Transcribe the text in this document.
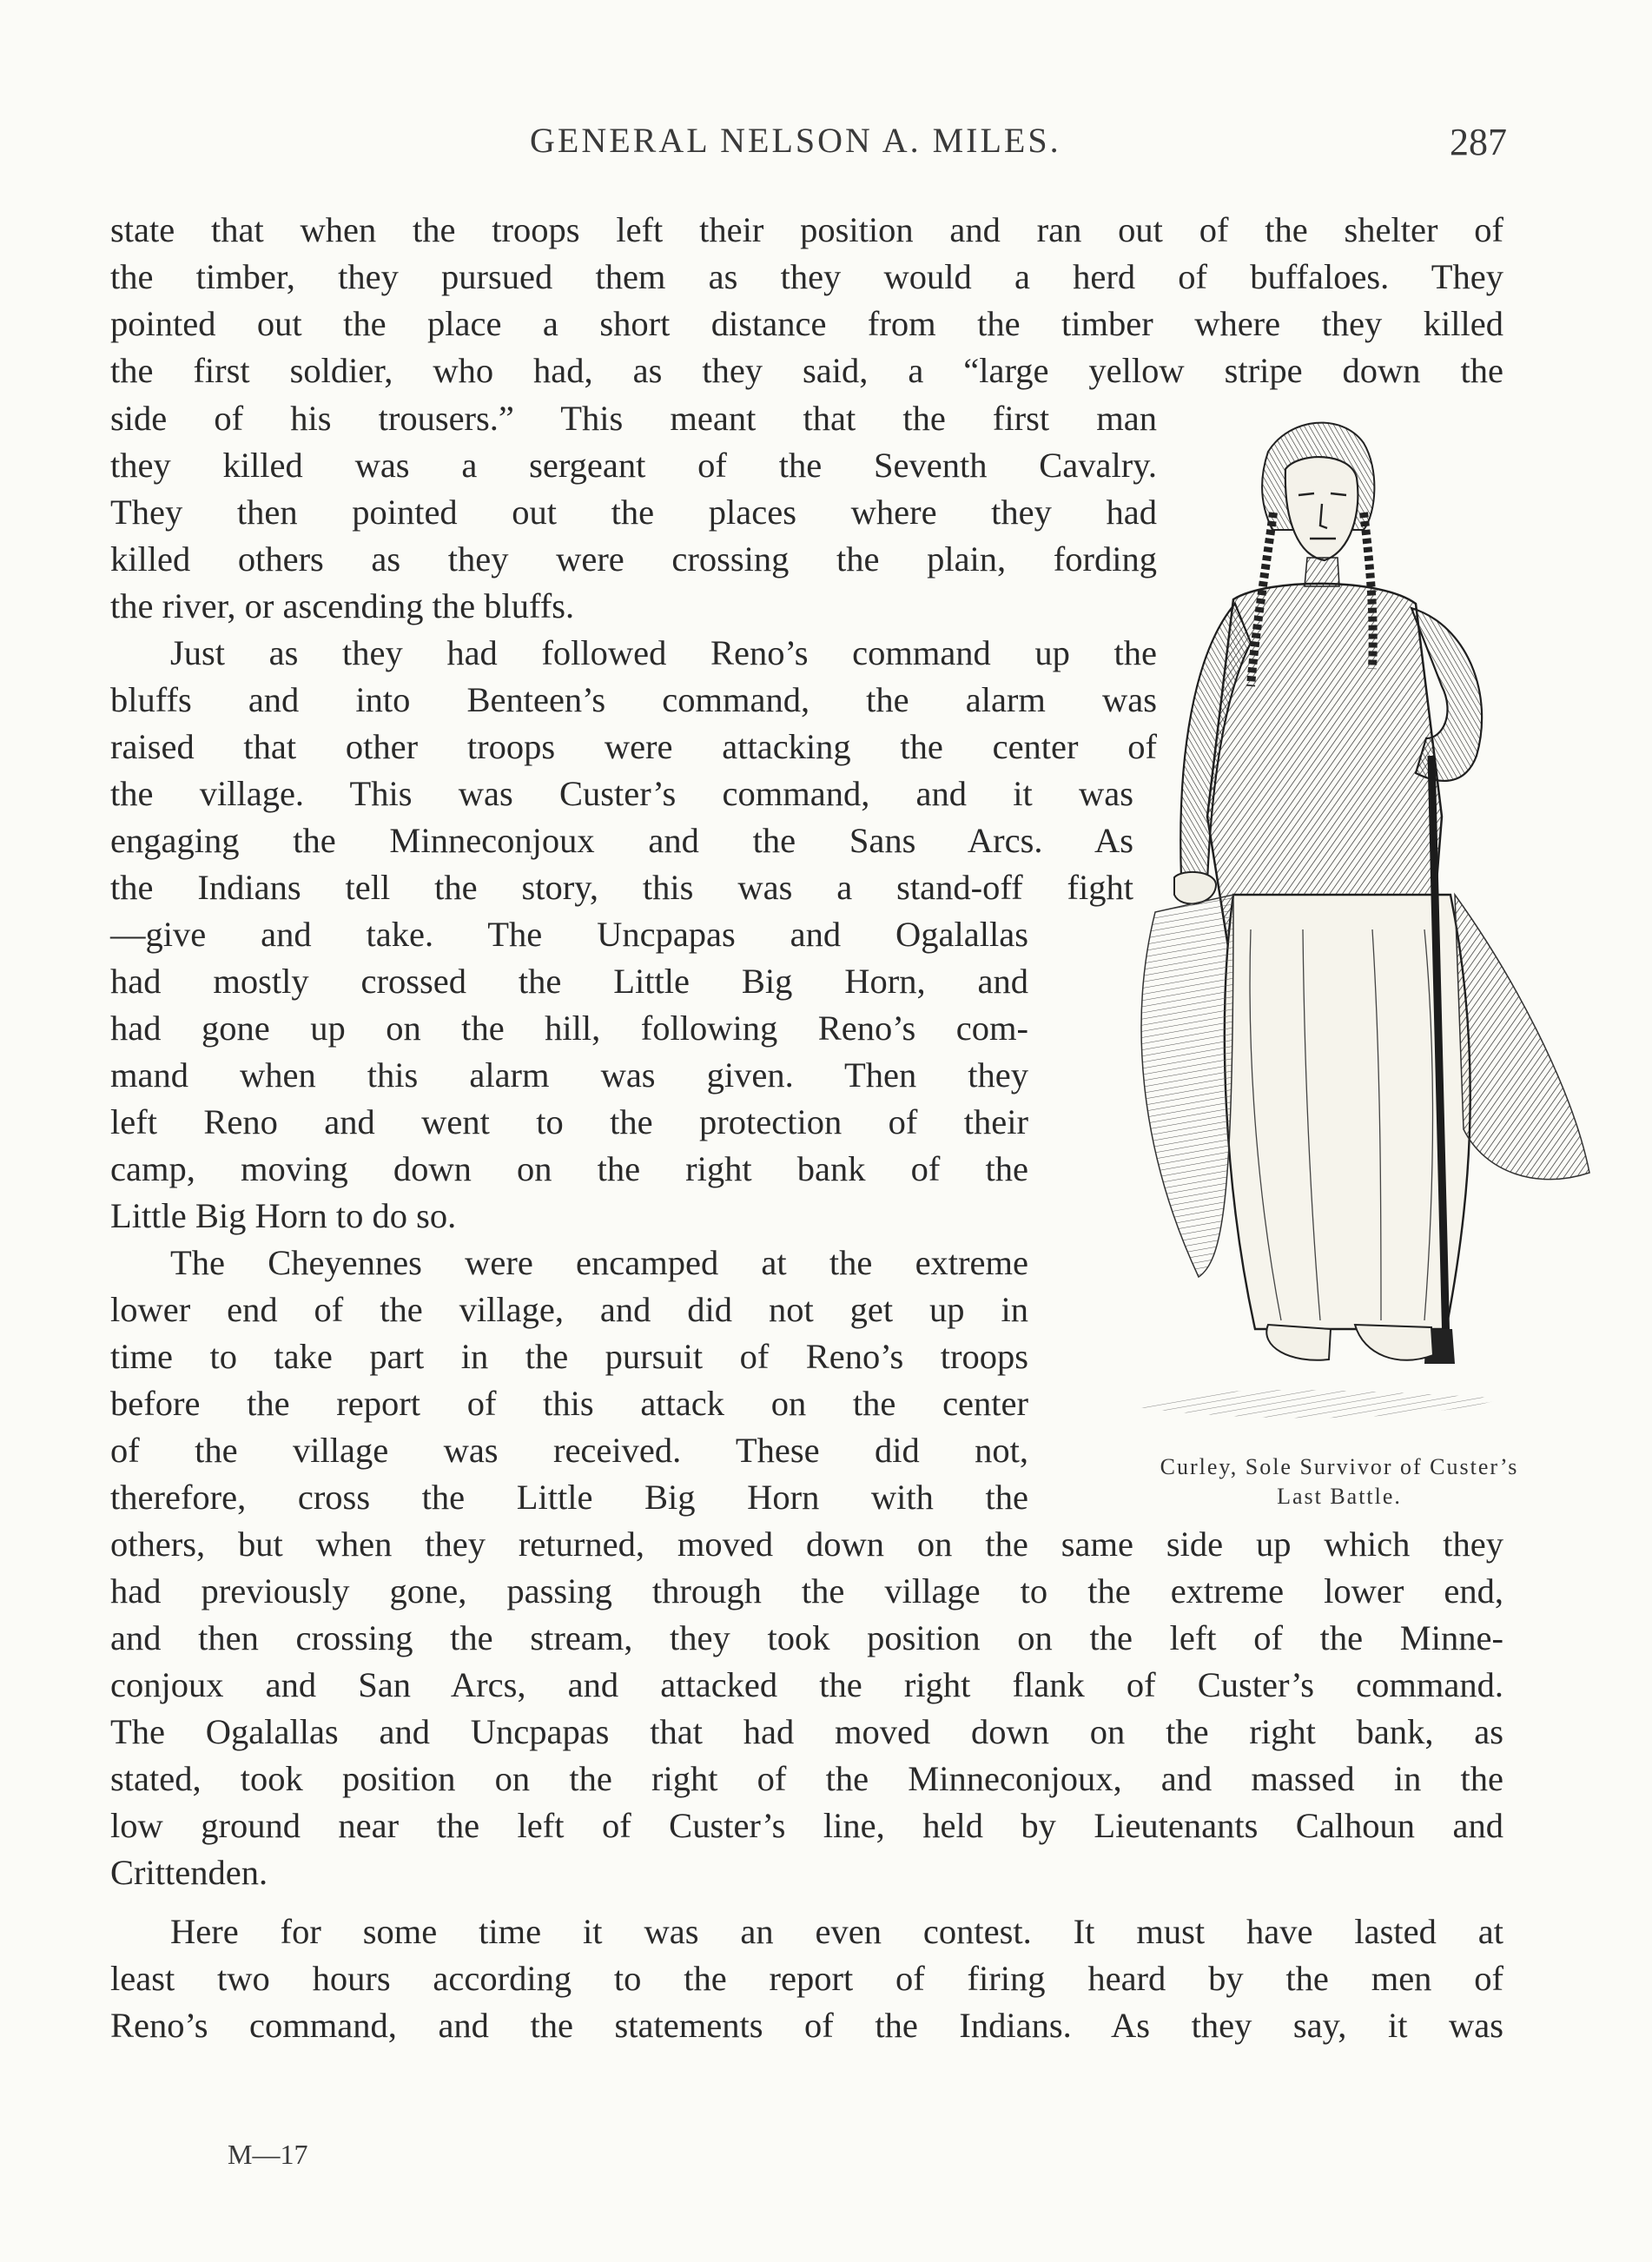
GENERAL NELSON A. MILES.	287
state that when the troops left their position and ran out of the shelter of
the timber, they pursued them as they would a herd of buffaloes. They
pointed out the place a short distance from the timber where they killed
the first soldier, who had, as they said, a “large yellow stripe down the
side of his trousers.” This meant that the first man
they killed was a sergeant of the Seventh Cavalry.
They then pointed out the places where they had
killed others as they were crossing the plain, fording
the river, or ascending the bluffs.
Just as they had followed Reno’s command up the
bluffs and into Benteen’s command, the alarm was
raised that other troops were attacking the center of
the village. This was Custer’s command, and it was
engaging the Minneconjoux and the Sans Arcs. As
the Indians tell the story, this was a stand-off fight
—give and take. The Uncpapas and Ogalallas
had mostly crossed the Little Big Horn, and
had gone up on the hill, following Reno’s com-
mand when this alarm was given. Then they
left Reno and went to the protection of their
camp, moving down on the right bank of the
Little Big Horn to do so.
The Cheyennes were encamped at the extreme
lower end of the village, and did not get up in
time to take part in the pursuit of Reno’s troops
before the report of this attack on the center
of the village was received. These did not,
therefore, cross the Little Big Horn with the
others, but when they returned, moved down on the same side up which they
had previously gone, passing through the village to the extreme lower end,
and then crossing the stream, they took position on the left of the Minne-
conjoux and San Arcs, and attacked the right flank of Custer’s command.
The Ogalallas and Uncpapas that had moved down on the right bank, as
stated, took position on the right of the Minneconjoux, and massed in the
low ground near the left of Custer’s line, held by Lieutenants Calhoun and
Crittenden.
Here for some time it was an even contest. It must have lasted at
least two hours according to the report of firing heard by the men of
Reno’s command, and the statements of the Indians. As they say, it was
Curley, Sole Survivor of Custer’s
Last Battle.
M—17
